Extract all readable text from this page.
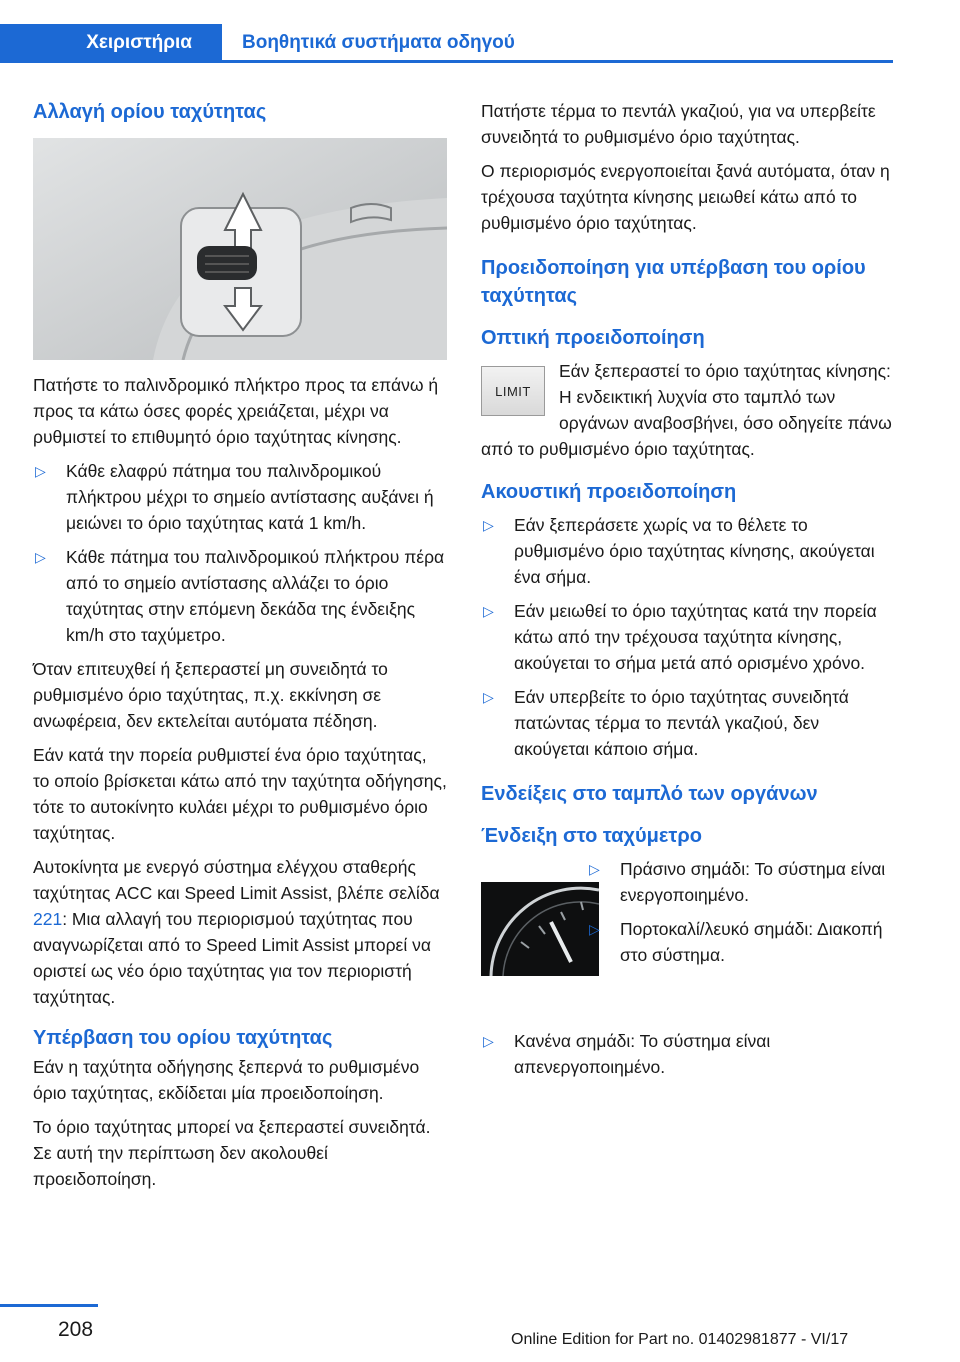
Χειριστήρια	Βοηθητικά συστήματα οδηγού
Αλλαγή ορίου ταχύτητας

Πατήστε το παλινδρομικό πλήκτρο προς τα επάνω ή προς τα κάτω όσες φορές χρειάζεται, μέχρι να ρυθμιστεί το επιθυμητό όριο ταχύτητας κίνησης.

▷ Κάθε ελαφρύ πάτημα του παλινδρομικού πλήκτρου μέχρι το σημείο αντίστασης αυξάνει ή μειώνει το όριο ταχύτητας κατά 1 km/h.
▷ Κάθε πάτημα του παλινδρομικού πλήκτρου πέρα από το σημείο αντίστασης αλλάζει το όριο ταχύτητας στην επόμενη δεκάδα της ένδειξης km/h στο ταχύμετρο.

Όταν επιτευχθεί ή ξεπεραστεί μη συνειδητά το ρυθμισμένο όριο ταχύτητας, π.χ. εκκίνηση σε ανωφέρεια, δεν εκτελείται αυτόματα πέδηση.

Εάν κατά την πορεία ρυθμιστεί ένα όριο ταχύτητας, το οποίο βρίσκεται κάτω από την ταχύτητα οδήγησης, τότε το αυτοκίνητο κυλάει μέχρι το ρυθμισμένο όριο ταχύτητας.

Αυτοκίνητα με ενεργό σύστημα ελέγχου σταθερής ταχύτητας ACC και Speed Limit Assist, βλέπε σελίδα 221: Μια αλλαγή του περιορισμού ταχύτητας που αναγνωρίζεται από το Speed Limit Assist μπορεί να οριστεί ως νέο όριο ταχύτητας για τον περιοριστή ταχύτητας.

Υπέρβαση του ορίου ταχύτητας

Εάν η ταχύτητα οδήγησης ξεπερνά το ρυθμισμένο όριο ταχύτητας, εκδίδεται μία προειδοποίηση.

Το όριο ταχύτητας μπορεί να ξεπεραστεί συνειδητά. Σε αυτή την περίπτωση δεν ακολουθεί προειδοποίηση.

Πατήστε τέρμα το πεντάλ γκαζιού, για να υπερβείτε συνειδητά το ρυθμισμένο όριο ταχύτητας.

Ο περιορισμός ενεργοποιείται ξανά αυτόματα, όταν η τρέχουσα ταχύτητα κίνησης μειωθεί κάτω από το ρυθμισμένο όριο ταχύτητας.

Προειδοποίηση για υπέρβαση του ορίου ταχύτητας
Οπτική προειδοποίηση
LIMIT

Εάν ξεπεραστεί το όριο ταχύτητας κίνησης: Η ενδεικτική λυχνία στο ταμπλό των οργάνων αναβοσβήνει, όσο οδηγείτε πάνω από το ρυθμισμένο όριο ταχύτητας.

Ακουστική προειδοποίηση
▷ Εάν ξεπεράσετε χωρίς να το θέλετε το ρυθμισμένο όριο ταχύτητας κίνησης, ακούγεται ένα σήμα.
▷ Εάν μειωθεί το όριο ταχύτητας κατά την πορεία κάτω από την τρέχουσα ταχύτητα κίνησης, ακούγεται το σήμα μετά από ορισμένο χρόνο.
▷ Εάν υπερβείτε το όριο ταχύτητας συνειδητά πατώντας τέρμα το πεντάλ γκαζιού, δεν ακούγεται κάποιο σήμα.
Ενδείξεις στο ταμπλό των οργάνων
Ένδειξη στο ταχύμετρο
▷ Πράσινο σημάδι: Το σύστημα είναι ενεργοποιημένο.
▷ Πορτοκαλί/λευκό σημάδι: Διακοπή στο σύστημα.
▷ Κανένα σημάδι: Το σύστημα είναι απενεργοποιημένο.
208	Online Edition for Part no. 01402981877 - VI/17
